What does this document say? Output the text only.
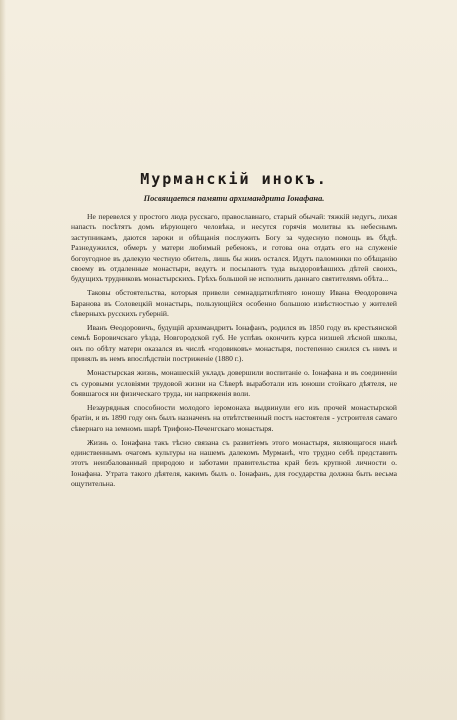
Мурманскій инокъ.
Посвящается памяти архимандрита Іонафана.

Не перевелся у простого люда русскаго, православнаго, старый обычай: тяжкій недугъ, лихая напасть посѣтятъ домъ вѣрующего человѣка, и несутся горячія молитвы къ небеснымъ заступникамъ, даются зароки и обѣщанія послужить Богу за чудесную помощь въ бѣдѣ. Разнедужился, обмеръ у матери любимый ребенокъ, и готова она отдать его на служеніе богоугодное въ далекую честную обитель, лишь бы живъ остался. Идутъ паломники по обѣщанію своему въ отдаленные монастыри, ведутъ и посылаютъ туда выздоровѣвшихъ дѣтей своихъ, будущихъ трудниковъ монастырскихъ. Грѣхъ большой не исполнить даннаго святителямъ обѣта...

Таковы обстоятельства, которыя привели семнадцатилѣтняго юношу Ивана Ѳеодоровича Баранова въ Соловецкій монастырь, пользующійся особенно большою извѣстностью у жителей сѣверныхъ русскихъ губерній.

Иванъ Ѳеодоровичъ, будущій архимандритъ Іонафанъ, родился въ 1850 году въ крестьянской семьѣ Боровичскаго уѣзда, Новгородской губ. Не успѣвъ окончить курса низшей лѣсной школы, онъ по обѣту матери оказался въ числѣ «годовиковъ» монастыря, постепенно сжился съ нимъ и принялъ въ немъ впослѣдствіи постриженіе (1880 г.).

Монастырская жизнь, монашескій укладъ довершили воспитаніе о. Іонафана и въ соединеніи съ суровыми условіями трудовой жизни на Сѣверѣ выработали изъ юноши стойкаго дѣятеля, не боявшагося ни физическаго труда, ни напряженія воли.

Незаурядныя способности молодого іеромонаха выдвинули его изъ прочей монастырской братіи, и въ 1890 году онъ былъ назначенъ на отвѣтственный постъ настоятеля - устроителя самаго сѣвернаго на земномъ шарѣ Трифоно-Печенгскаго монастыря.

Жизнь о. Іонафана такъ тѣсно связана съ развитіемъ этого монастыря, являющагося нынѣ единственнымъ очагомъ культуры на нашемъ далекомъ Мурманѣ, что трудно себѣ представить этотъ неизбалованный природою и заботами правительства край безъ крупной личности о. Іонафана. Утрата такого дѣятеля, какимъ былъ о. Іонафанъ, для государства должна быть весьма ощутительна.
